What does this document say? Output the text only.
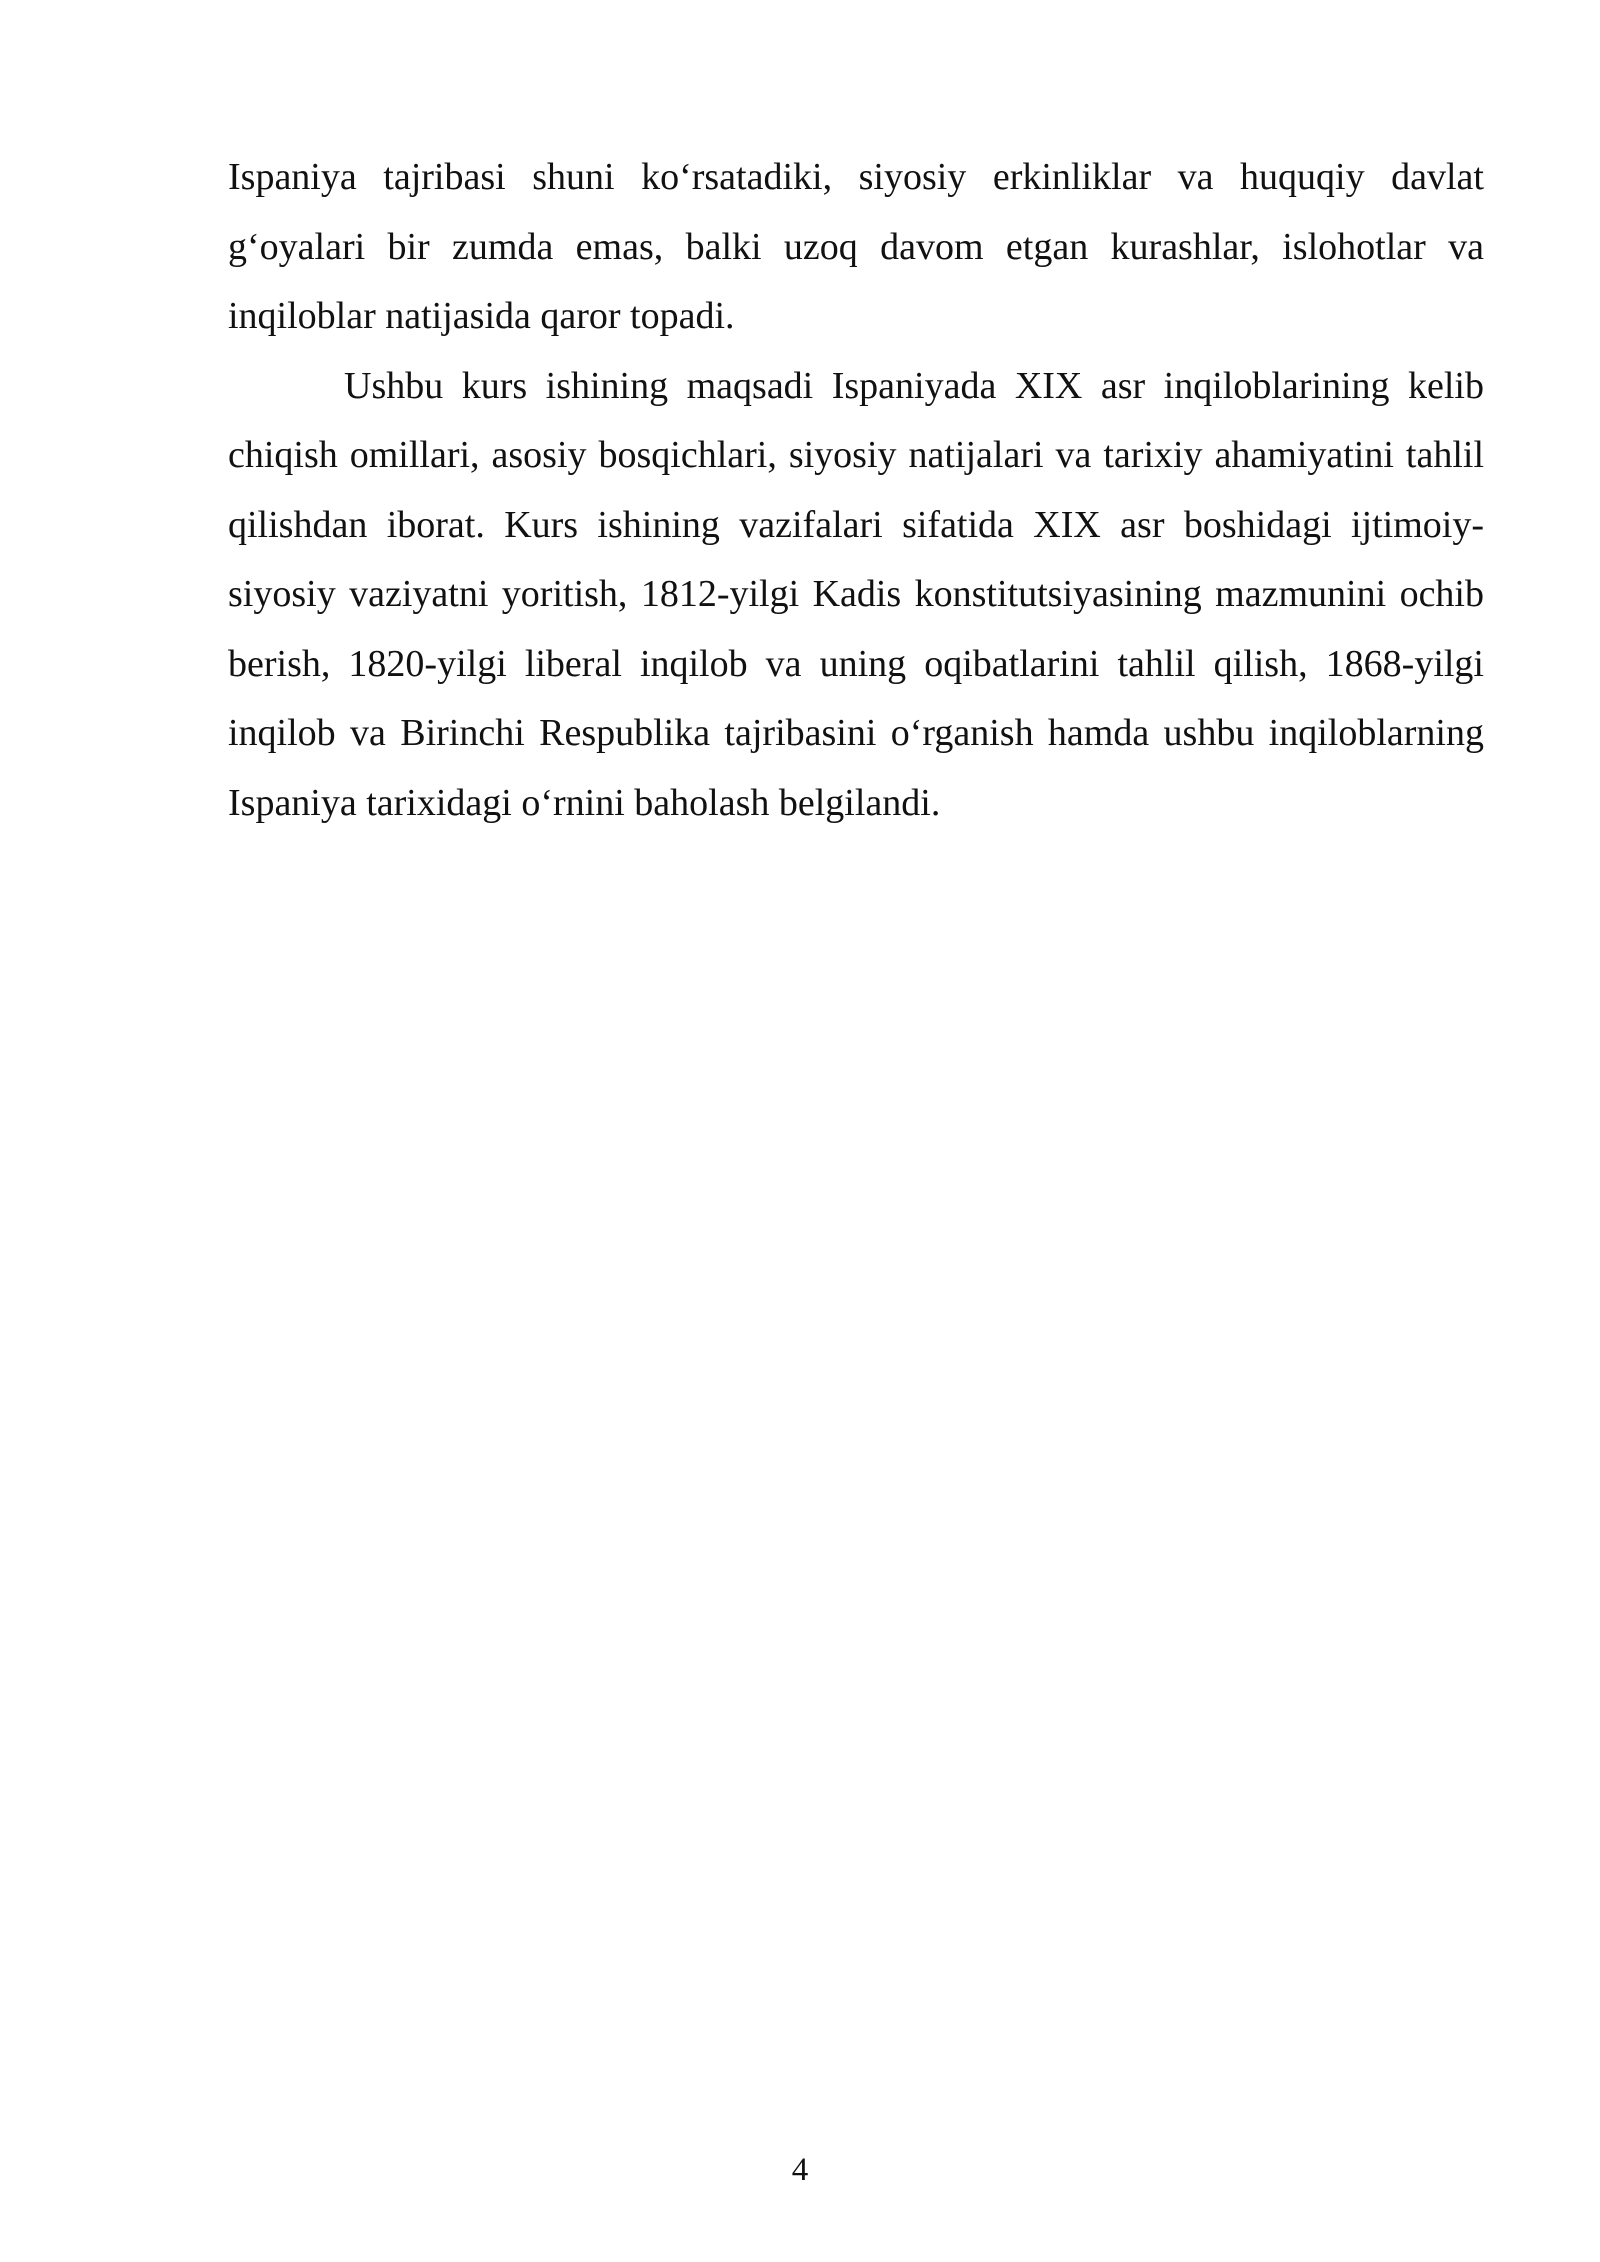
Ispaniya tajribasi shuni koʻrsatadiki, siyosiy erkinliklar va huquqiy davlat gʻoyalari bir zumda emas, balki uzoq davom etgan kurashlar, islohotlar va inqiloblar natijasida qaror topadi.

Ushbu kurs ishining maqsadi Ispaniyada XIX asr inqiloblarining kelib chiqish omillari, asosiy bosqichlari, siyosiy natijalari va tarixiy ahamiyatini tahlil qilishdan iborat. Kurs ishining vazifalari sifatida XIX asr boshidagi ijtimoiy-siyosiy vaziyatni yoritish, 1812-yilgi Kadis konstitutsiyasining mazmunini ochib berish, 1820-yilgi liberal inqilob va uning oqibatlarini tahlil qilish, 1868-yilgi inqilob va Birinchi Respublika tajribasini oʻrganish hamda ushbu inqiloblarning Ispaniya tarixidagi oʻrnini baholash belgilandi.

4
